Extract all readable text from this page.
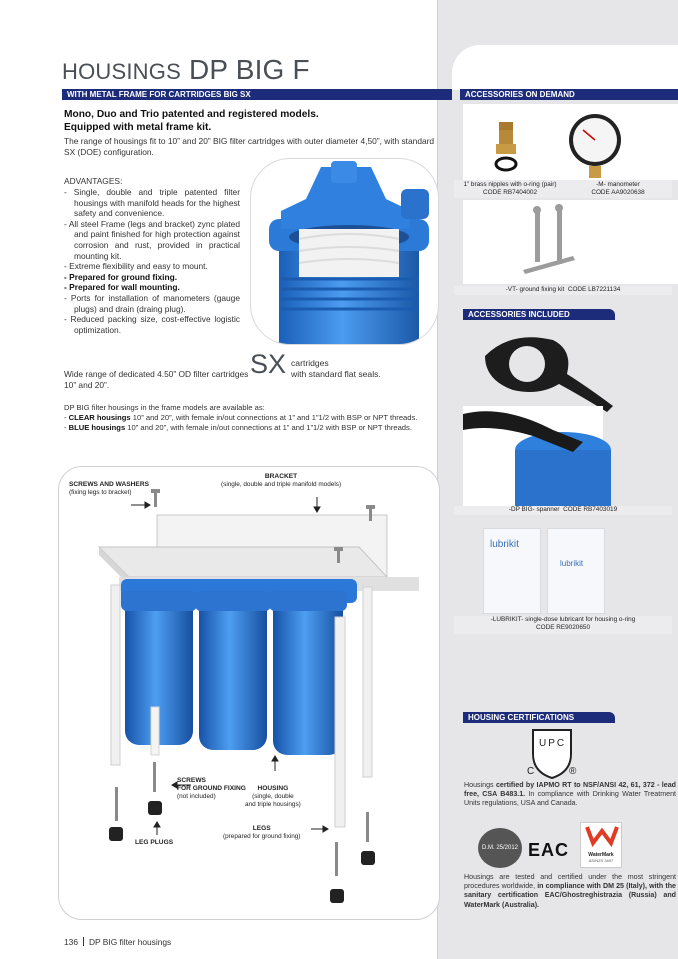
HOUSINGS DP BIG F
WITH METAL FRAME FOR CARTRIDGES BIG SX	ACCESSORIES ON DEMAND
Mono, Duo and Trio patented and registered models.
Equipped with metal frame kit.
The range of housings fit to 10” and 20” BIG filter cartridges with outer diameter 4,50”, with standard SX (DOE) configuration.
ADVANTAGES:
- Single, double and triple patented filter housings with manifold heads for the highest safety and convenience.
- All steel Frame (legs and bracket) zync plated and paint finished for high protection against corrosion and rust, provided in practical mounting kit.
- Extreme flexibility and easy to mount.
- Prepared for ground fixing.
- Prepared for wall mounting.
- Ports for installation of manometers (gauge plugs) and drain (draing plug).
- Reduced packing size, cost-effective logistic optimization.
Wide range of dedicated 4.50” OD filter cartridges 10” and 20”.
SX cartridges
with standard flat seals.
DP BIG filter housings in the frame models are available as:

- CLEAR housings 10” and 20”, with female in/out connections at 1” and 1”1/2 with BSP or NPT threads.

- BLUE housings 10” and 20”, with female in/out connections at 1” and 1”1/2 with BSP or NPT threads.

SCREWS AND WASHERS
(fixing legs to bracket)
BRACKET
(single, double and triple manifold models)
SCREWS
FOR GROUND FIXING
(not included)
HOUSING
(single, double
and triple housings)
LEGS
(prepared for ground fixing)
LEG PLUGS
1” brass nipples with o-ring (pair)
CODE RB7404002
-M- manometer
CODE AA9020638
-VT- ground fixing kit CODE LB7221134
ACCESSORIES INCLUDED
-DP BIG- spanner CODE RB7403019
lubrikit
lubrikit
-LUBRIKIT- single-dose lubricant for housing o-ring
CODE RE9020650
HOUSING CERTIFICATIONS
UPC
C	®
Housings certified by IAPMO RT to NSF/ANSI 42, 61, 372 - lead free, CSA B483.1. In compliance with Drinking Water Treatment Units regulations, USA and Canada.
D.M. 25/2012 EAC	WaterMark
AS/NZS 3497
Housings are tested and certified under the most stringent procedures worldwide, in compliance with DM 25 (Italy), with the sanitary certification EAC/Ghostreghistrazia (Russia) and WaterMark (Australia).
136 DP BIG filter housings
